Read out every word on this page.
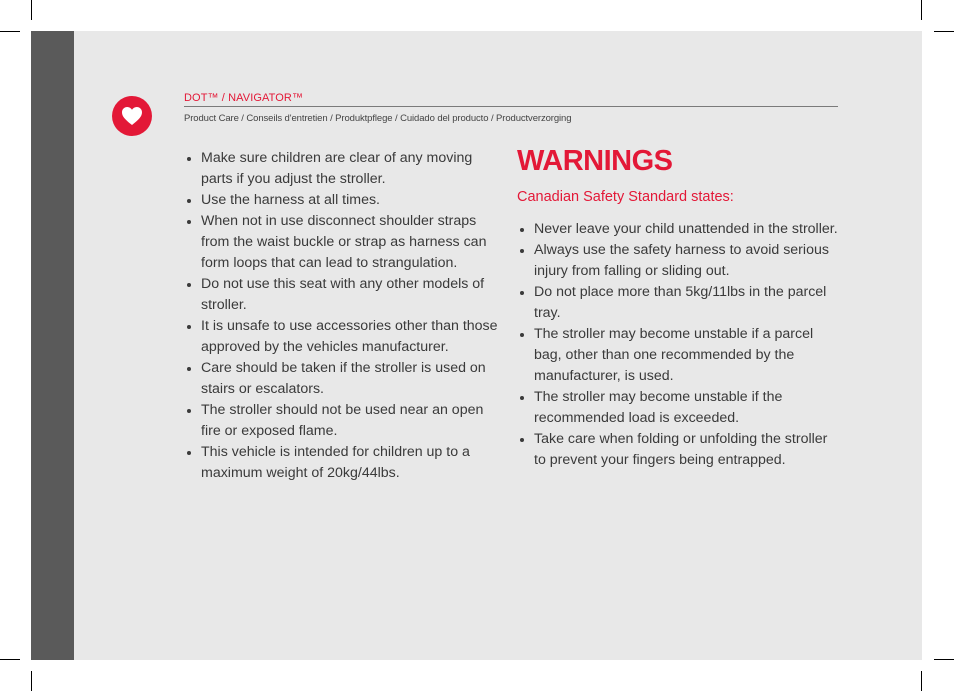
DOT™ / NAVIGATOR™
Product Care / Conseils d'entretien / Produktpflege / Cuidado del producto / Productverzorging
Make sure children are clear of any moving parts if you adjust the stroller.
Use the harness at all times.
When not in use disconnect shoulder straps from the waist buckle or strap as harness can form loops that can lead to strangulation.
Do not use this seat with any other models of stroller.
It is unsafe to use accessories other than those approved by the vehicles manufacturer.
Care should be taken if the stroller is used on stairs or escalators.
The stroller should not be used near an open fire or exposed flame.
This vehicle is intended for children up to a maximum weight of 20kg/44lbs.
WARNINGS
Canadian Safety Standard states:
Never leave your child unattended in the stroller.
Always use the safety harness to avoid serious injury from falling or sliding out.
Do not place more than 5kg/11lbs in the parcel tray.
The stroller may become unstable if a parcel bag, other than one recommended by the manufacturer, is used.
The stroller may become unstable if the recommended load is exceeded.
Take care when folding or unfolding the stroller to prevent your fingers being entrapped.
